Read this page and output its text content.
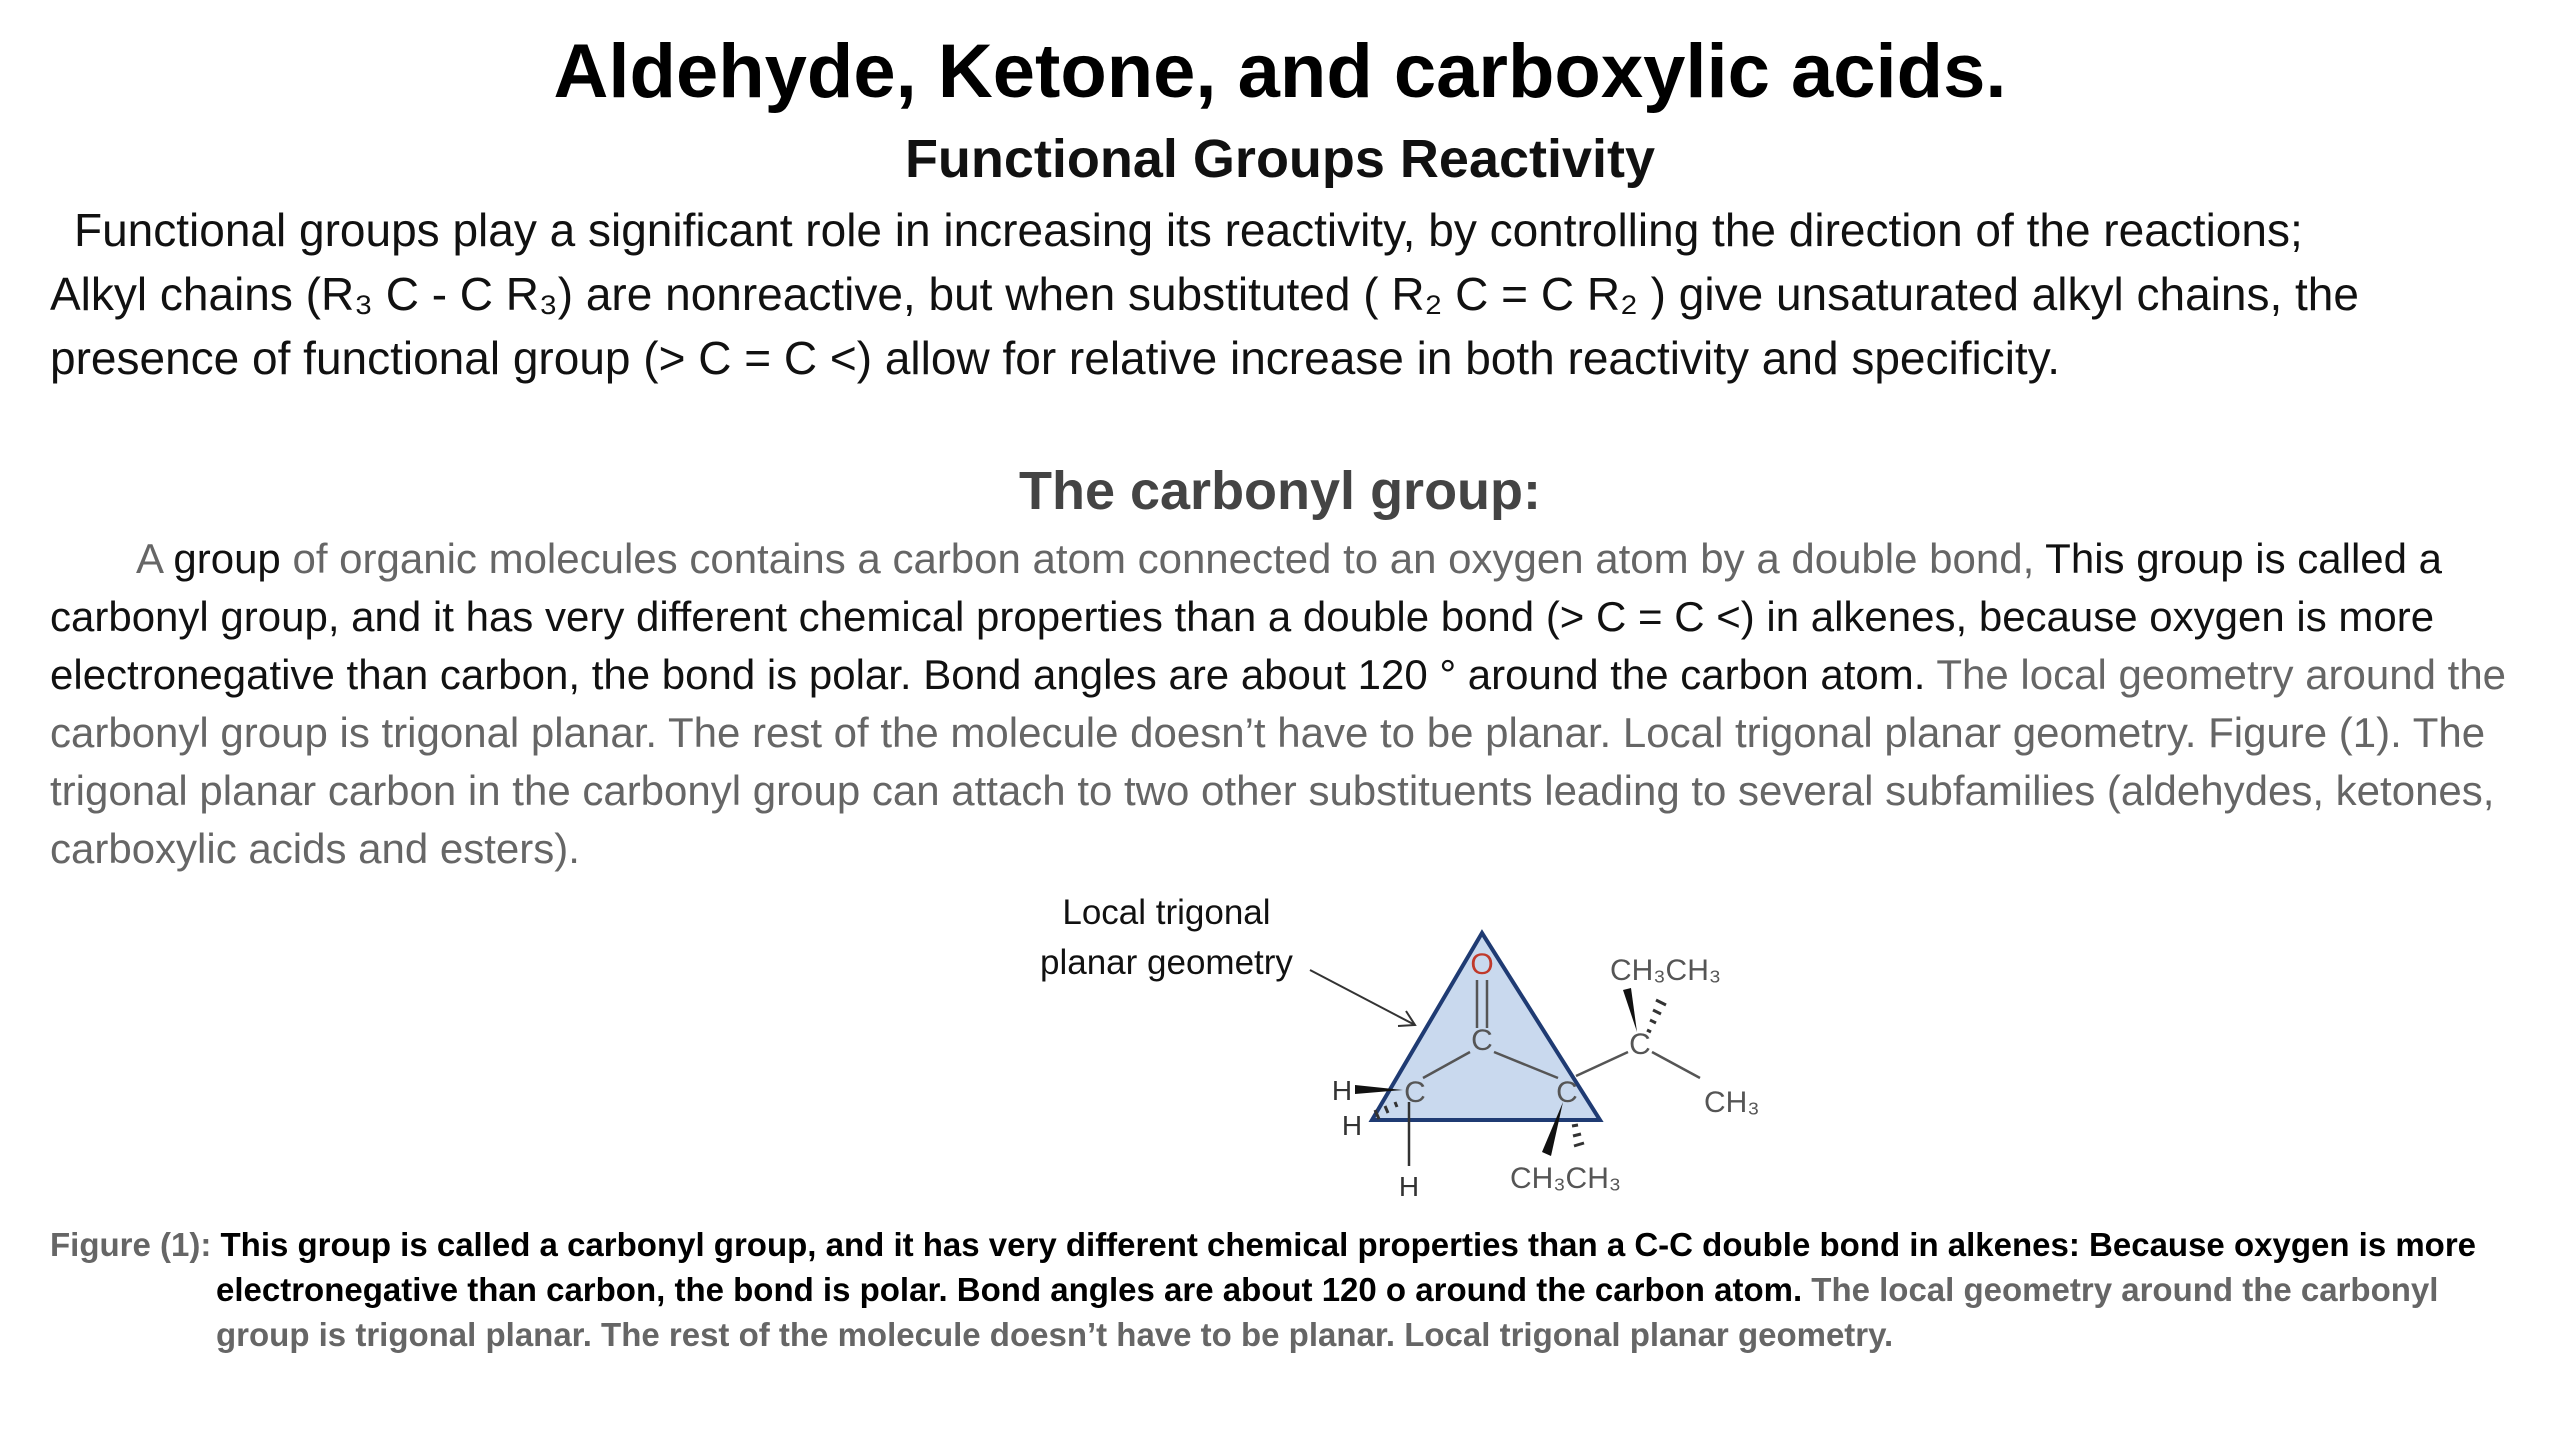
Aldehyde, Ketone, and carboxylic acids.
Functional Groups Reactivity
Functional groups play a significant role in increasing its reactivity, by controlling the direction of the reactions;
Alkyl chains (R₃ C - C R₃) are nonreactive, but when substituted ( R₂ C = C R₂ ) give unsaturated alkyl chains, the
presence of functional group (> C = C <) allow for relative increase in both reactivity and specificity.
The carbonyl group:
A group of organic molecules contains a carbon atom connected to an oxygen atom by a double bond, This group is called a carbonyl group, and it has very different chemical properties than a double bond (> C = C <) in alkenes, because oxygen is more electronegative than carbon, the bond is polar. Bond angles are about 120 ° around the carbon atom. The local geometry around the carbonyl group is trigonal planar. The rest of the molecule doesn’t have to be planar. Local trigonal planar geometry. Figure (1). The trigonal planar carbon in the carbonyl group can attach to two other substituents leading to several subfamilies (aldehydes, ketones, carboxylic acids and esters).
Local trigonal
planar geometry	O
C
C	C
C
H
H
H
CH₃CH₃
CH₃
CH₃CH₃
Figure (1): This group is called a carbonyl group, and it has very different chemical properties than a C-C double bond in alkenes: Because oxygen is more electronegative than carbon, the bond is polar. Bond angles are about 120 o around the carbon atom. The local geometry around the carbonyl group is trigonal planar. The rest of the molecule doesn’t have to be planar. Local trigonal planar geometry.
